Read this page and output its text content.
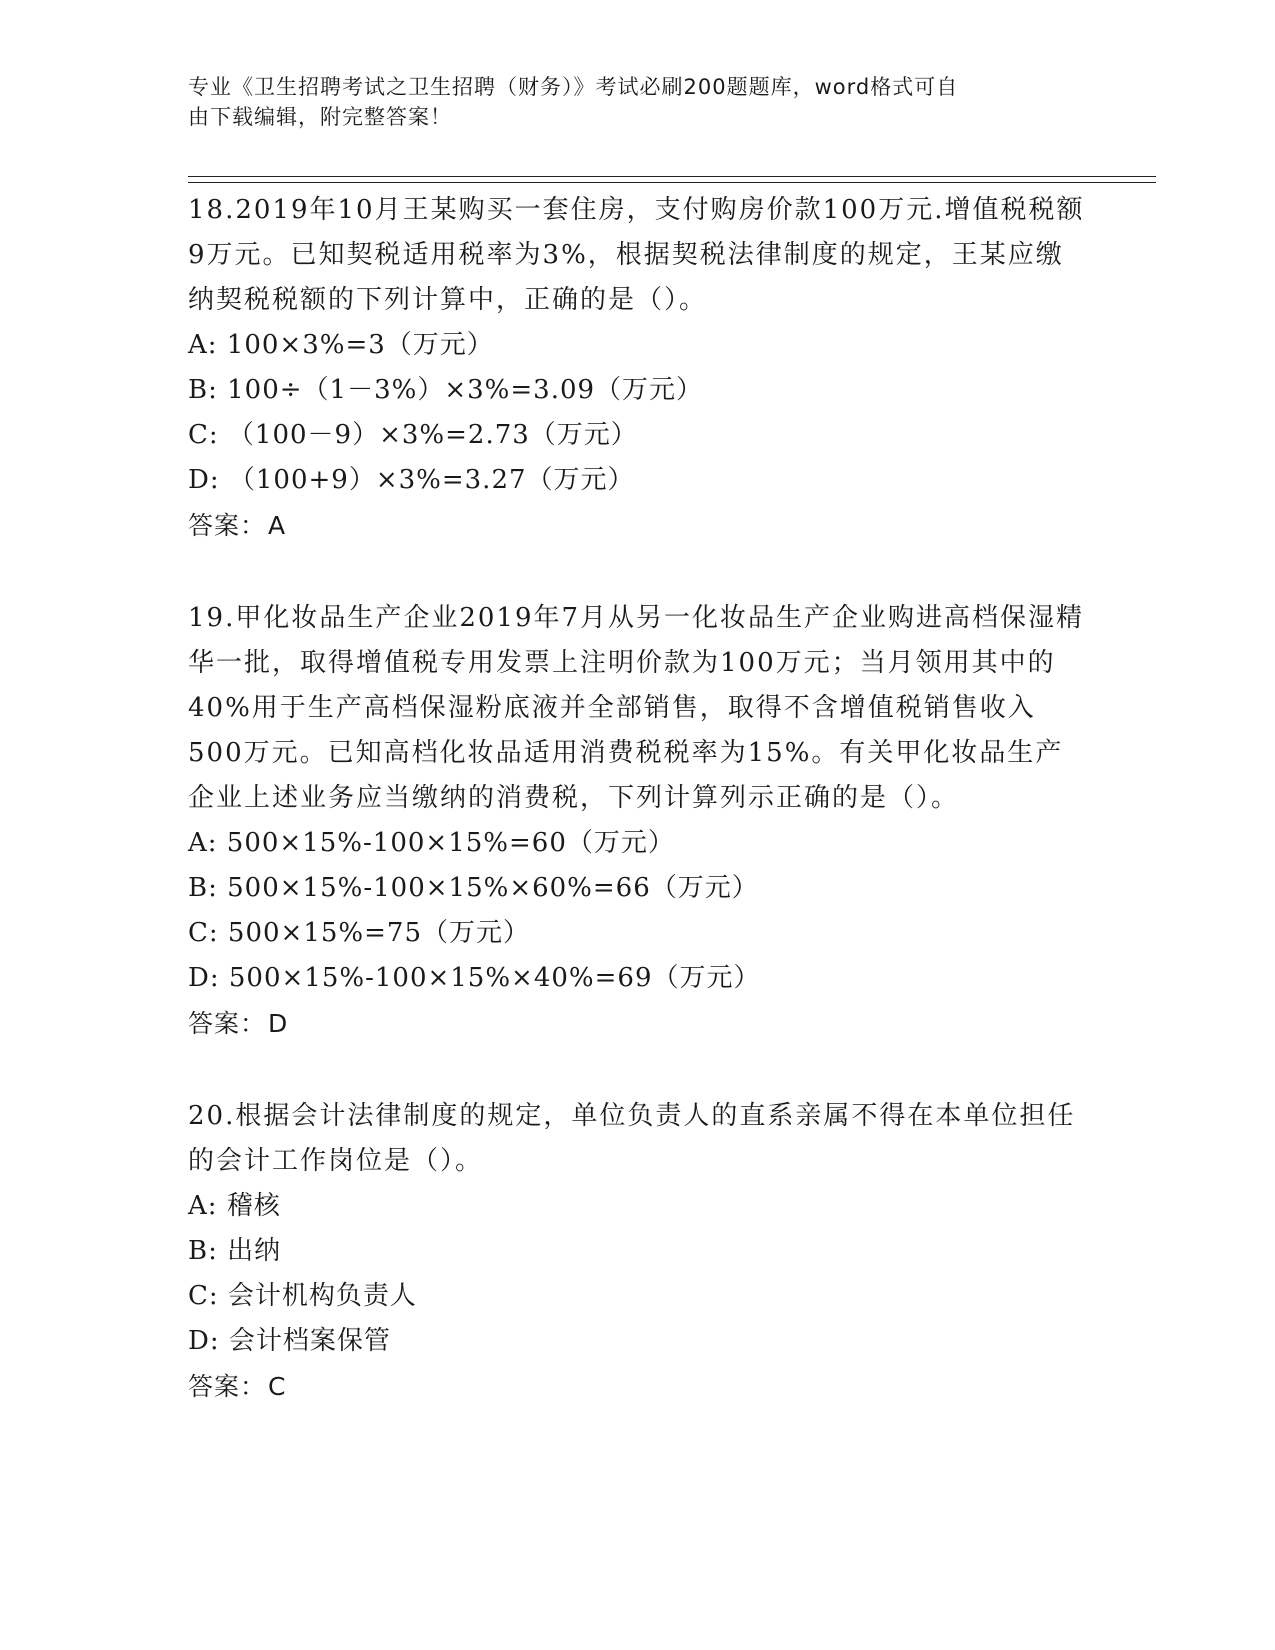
专业《卫生招聘考试之卫生招聘（财务）》考试必刷200题题库，word格式可自
由下载编辑，附完整答案！

18.2019年10月王某购买一套住房，支付购房价款100万元.增值税税额9万元。已知契税适用税率为3%，根据契税法律制度的规定，王某应缴纳契税税额的下列计算中，正确的是（）。

A: 100×3%=3（万元）

B: 100÷（1－3%）×3%=3.09（万元）

C: （100－9）×3%=2.73（万元）

D: （100+9）×3%=3.27（万元）

答案：A

19.甲化妆品生产企业2019年7月从另一化妆品生产企业购进高档保湿精华一批，取得增值税专用发票上注明价款为100万元；当月领用其中的40%用于生产高档保湿粉底液并全部销售，取得不含增值税销售收入500万元。已知高档化妆品适用消费税税率为15%。有关甲化妆品生产企业上述业务应当缴纳的消费税，下列计算列示正确的是（）。

A: 500×15%-100×15%=60（万元）

B: 500×15%-100×15%×60%=66（万元）

C: 500×15%=75（万元）

D: 500×15%-100×15%×40%=69（万元）

答案：D

20.根据会计法律制度的规定，单位负责人的直系亲属不得在本单位担任的会计工作岗位是（）。

A: 稽核

B: 出纳

C: 会计机构负责人

D: 会计档案保管

答案：C
